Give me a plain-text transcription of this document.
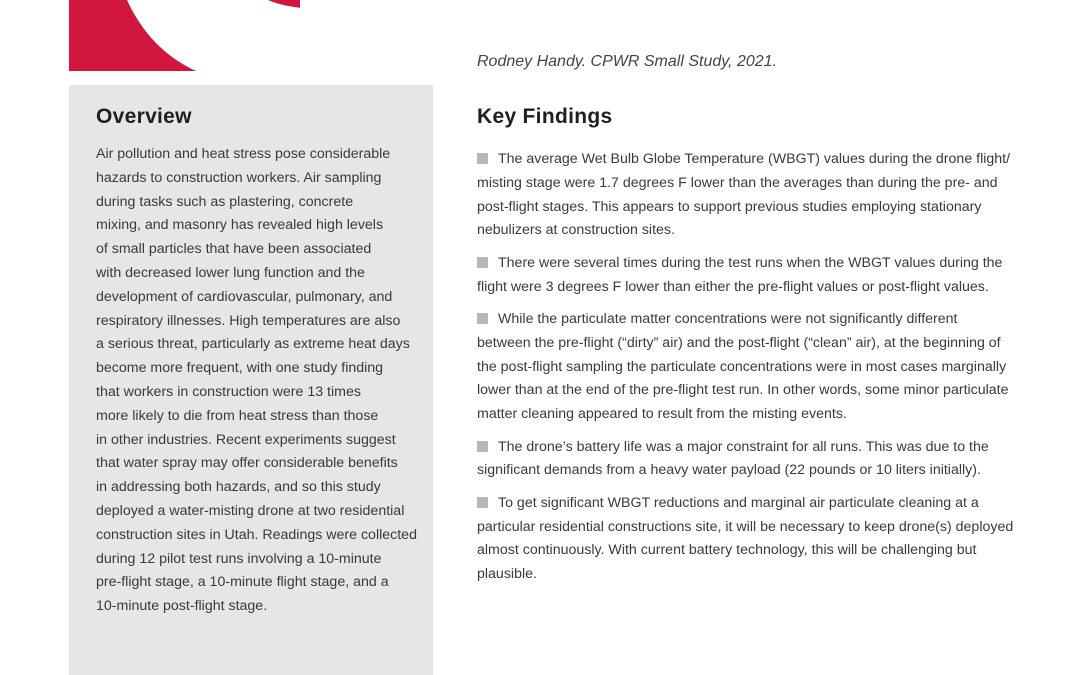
Rodney Handy. CPWR Small Study, 2021.
Overview
Air pollution and heat stress pose considerable
hazards to construction workers. Air sampling
during tasks such as plastering, concrete
mixing, and masonry has revealed high levels
of small particles that have been associated
with decreased lower lung function and the
development of cardiovascular, pulmonary, and
respiratory illnesses. High temperatures are also
a serious threat, particularly as extreme heat days
become more frequent, with one study finding
that workers in construction were 13 times
more likely to die from heat stress than those
in other industries. Recent experiments suggest
that water spray may offer considerable benefits
in addressing both hazards, and so this study
deployed a water-misting drone at two residential
construction sites in Utah. Readings were collected
during 12 pilot test runs involving a 10-minute
pre-flight stage, a 10-minute flight stage, and a
10-minute post-flight stage.
Key Findings
The average Wet Bulb Globe Temperature (WBGT) values during the drone flight/
misting stage were 1.7 degrees F lower than the averages than during the pre- and
post-flight stages. This appears to support previous studies employing stationary
nebulizers at construction sites.
There were several times during the test runs when the WBGT values during the
flight were 3 degrees F lower than either the pre-flight values or post-flight values.
While the particulate matter concentrations were not significantly different
between the pre-flight (“dirty” air) and the post-flight (“clean” air), at the beginning of
the post-flight sampling the particulate concentrations were in most cases marginally
lower than at the end of the pre-flight test run. In other words, some minor particulate
matter cleaning appeared to result from the misting events.
The drone’s battery life was a major constraint for all runs. This was due to the
significant demands from a heavy water payload (22 pounds or 10 liters initially).
To get significant WBGT reductions and marginal air particulate cleaning at a
particular residential constructions site, it will be necessary to keep drone(s) deployed
almost continuously. With current battery technology, this will be challenging but
plausible.
